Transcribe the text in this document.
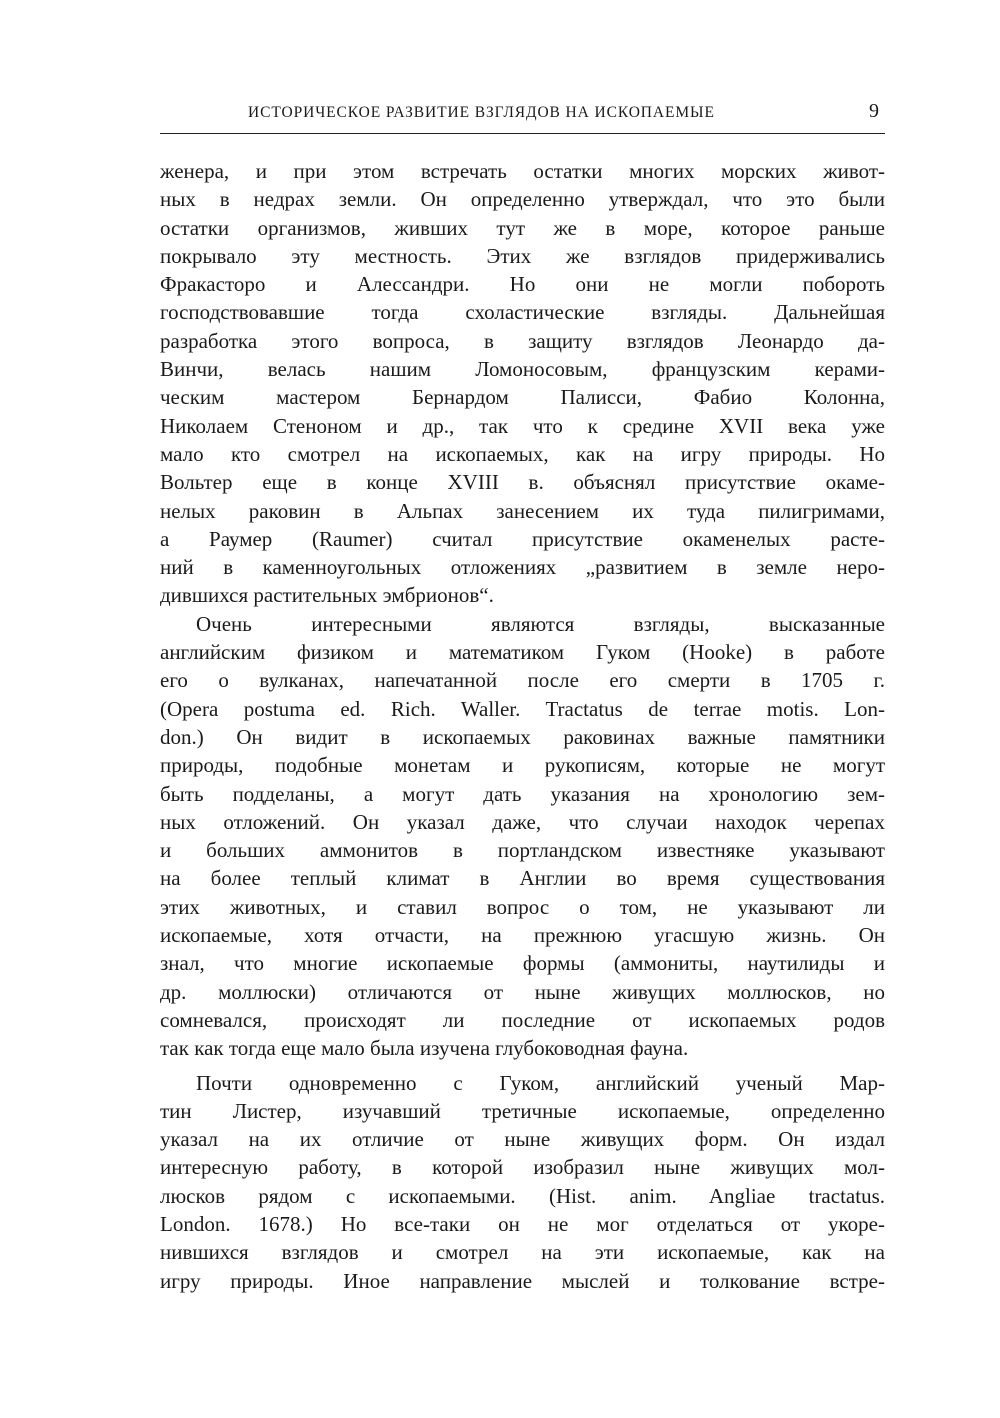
ИСТОРИЧЕСКОЕ РАЗВИТИЕ ВЗГЛЯДОВ НА ИСКОПАЕМЫЕ	9
женера, и при этом встречать остатки многих морских живот-
ных в недрах земли. Он определенно утверждал, что это были
остатки организмов, живших тут же в море, которое раньше
покрывало эту местность. Этих же взглядов придерживались
Фракасторо и Алессандри. Но они не могли побороть
господствовавшие тогда схоластические взгляды. Дальнейшая
разработка этого вопроса, в защиту взглядов Леонардо да-
Винчи, велась нашим Ломоносовым, французским керами-
ческим мастером Бернардом Палисси, Фабио Колонна,
Николаем Стеноном и др., так что к средине XVII века уже
мало кто смотрел на ископаемых, как на игру природы. Но
Вольтер еще в конце XVIII в. объяснял присутствие окаме-
нелых раковин в Альпах занесением их туда пилигримами,
а Раумер (Raumer) считал присутствие окаменелых расте-
ний в каменноугольных отложениях „развитием в земле неро-
дившихся растительных эмбрионов“.
Очень интересными являются взгляды, высказанные
английским физиком и математиком Гуком (Hooke) в работе
его о вулканах, напечатанной после его смерти в 1705 г.
(Opera postuma ed. Rich. Waller. Tractatus de terrae motis. Lon-
don.) Он видит в ископаемых раковинах важные памятники
природы, подобные монетам и рукописям, которые не могут
быть подделаны, а могут дать указания на хронологию зем-
ных отложений. Он указал даже, что случаи находок черепах
и больших аммонитов в портландском известняке указывают
на более теплый климат в Англии во время существования
этих животных, и ставил вопрос о том, не указывают ли
ископаемые, хотя отчасти, на прежнюю угасшую жизнь. Он
знал, что многие ископаемые формы (аммониты, наутилиды и
др. моллюски) отличаются от ныне живущих моллюсков, но
сомневался, происходят ли последние от ископаемых родов
так как тогда еще мало была изучена глубоководная фауна.
Почти одновременно с Гуком, английский ученый Мар-
тин Листер, изучавший третичные ископаемые, определенно
указал на их отличие от ныне живущих форм. Он издал
интересную работу, в которой изобразил ныне живущих мол-
люсков рядом с ископаемыми. (Hist. anim. Angliae tractatus.
London. 1678.) Но все-таки он не мог отделаться от укоре-
нившихся взглядов и смотрел на эти ископаемые, как на
игру природы. Иное направление мыслей и толкование встре-
